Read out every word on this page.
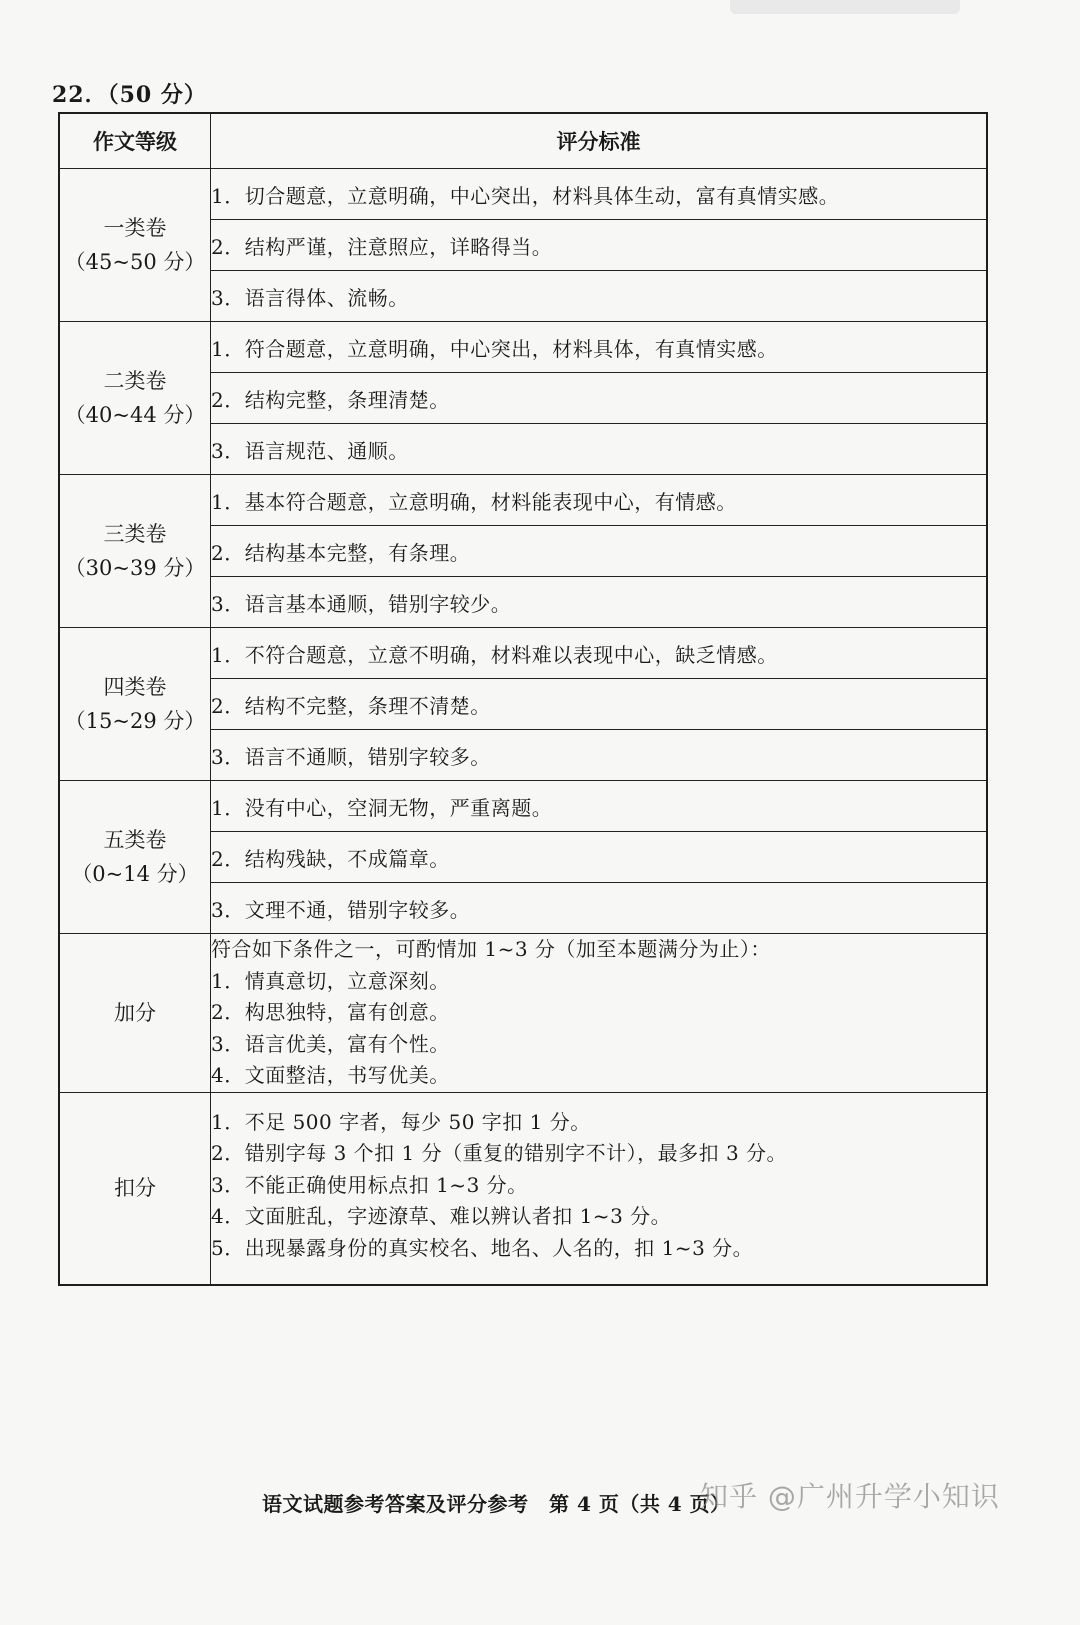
22．（50 分）
作文等级	评分标准

一类卷
（45~50 分）	1．切合题意，立意明确，中心突出，材料具体生动，富有真情实感。
	2．结构严谨，注意照应，详略得当。
	3．语言得体、流畅。

二类卷
（40~44 分）	1．符合题意，立意明确，中心突出，材料具体，有真情实感。
	2．结构完整，条理清楚。
	3．语言规范、通顺。

三类卷
（30~39 分）	1．基本符合题意，立意明确，材料能表现中心，有情感。
	2．结构基本完整，有条理。
	3．语言基本通顺，错别字较少。

四类卷
（15~29 分）	1．不符合题意，立意不明确，材料难以表现中心，缺乏情感。
	2．结构不完整，条理不清楚。
	3．语言不通顺，错别字较多。

五类卷
（0~14 分）	1．没有中心，空洞无物，严重离题。
	2．结构残缺，不成篇章。
	3．文理不通，错别字较多。
加分	符合如下条件之一，可酌情加 1~3 分（加至本题满分为止）：
1．情真意切，立意深刻。
2．构思独特，富有创意。
3．语言优美，富有个性。
4．文面整洁，书写优美。

扣分	1．不足 500 字者，每少 50 字扣 1 分。
2．错别字每 3 个扣 1 分（重复的错别字不计），最多扣 3 分。
3．不能正确使用标点扣 1~3 分。
4．文面脏乱，字迹潦草、难以辨认者扣 1~3 分。
5．出现暴露身份的真实校名、地名、人名的，扣 1~3 分。
语文试题参考答案及评分参考　第 4 页（共 4 页）
知乎 @广州升学小知识
